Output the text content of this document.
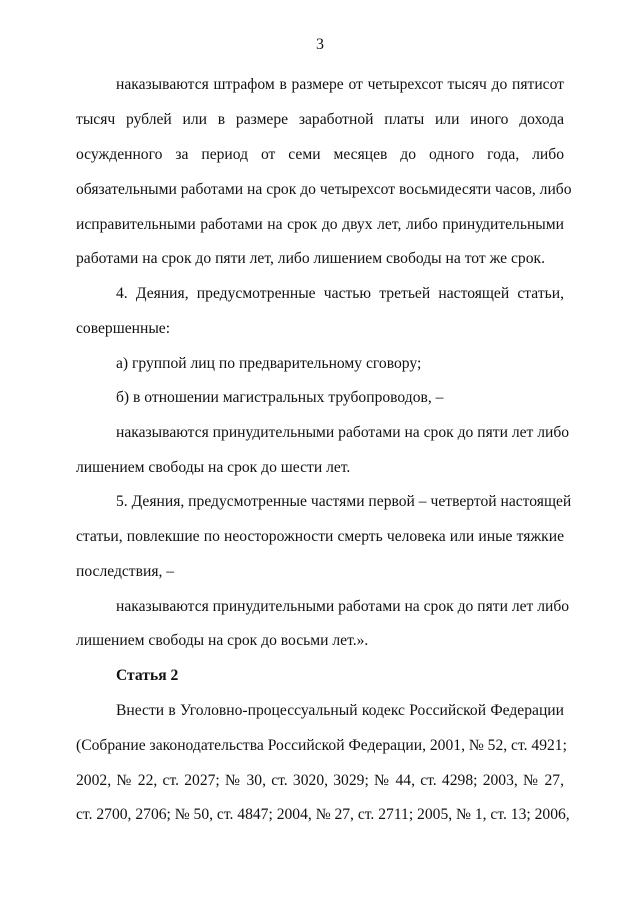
3
наказываются штрафом в размере от четырехсот тысяч до пятисот
тысяч рублей или в размере заработной платы или иного дохода
осужденного за период от семи месяцев до одного года, либо
обязательными работами на срок до четырехсот восьмидесяти часов, либо
исправительными работами на срок до двух лет, либо принудительными
работами на срок до пяти лет, либо лишением свободы на тот же срок.
4. Деяния, предусмотренные частью третьей настоящей статьи,
совершенные:
а) группой лиц по предварительному сговору;
б) в отношении магистральных трубопроводов, –
наказываются принудительными работами на срок до пяти лет либо
лишением свободы на срок до шести лет.
5. Деяния, предусмотренные частями первой – четвертой настоящей
статьи, повлекшие по неосторожности смерть человека или иные тяжкие
последствия, –
наказываются принудительными работами на срок до пяти лет либо
лишением свободы на срок до восьми лет.».
Статья 2
Внести в Уголовно-процессуальный кодекс Российской Федерации
(Собрание законодательства Российской Федерации, 2001, № 52, ст. 4921;
2002, № 22, ст. 2027; № 30, ст. 3020, 3029; № 44, ст. 4298; 2003, № 27,
ст. 2700, 2706; № 50, ст. 4847; 2004, № 27, ст. 2711; 2005, № 1, ст. 13; 2006,
